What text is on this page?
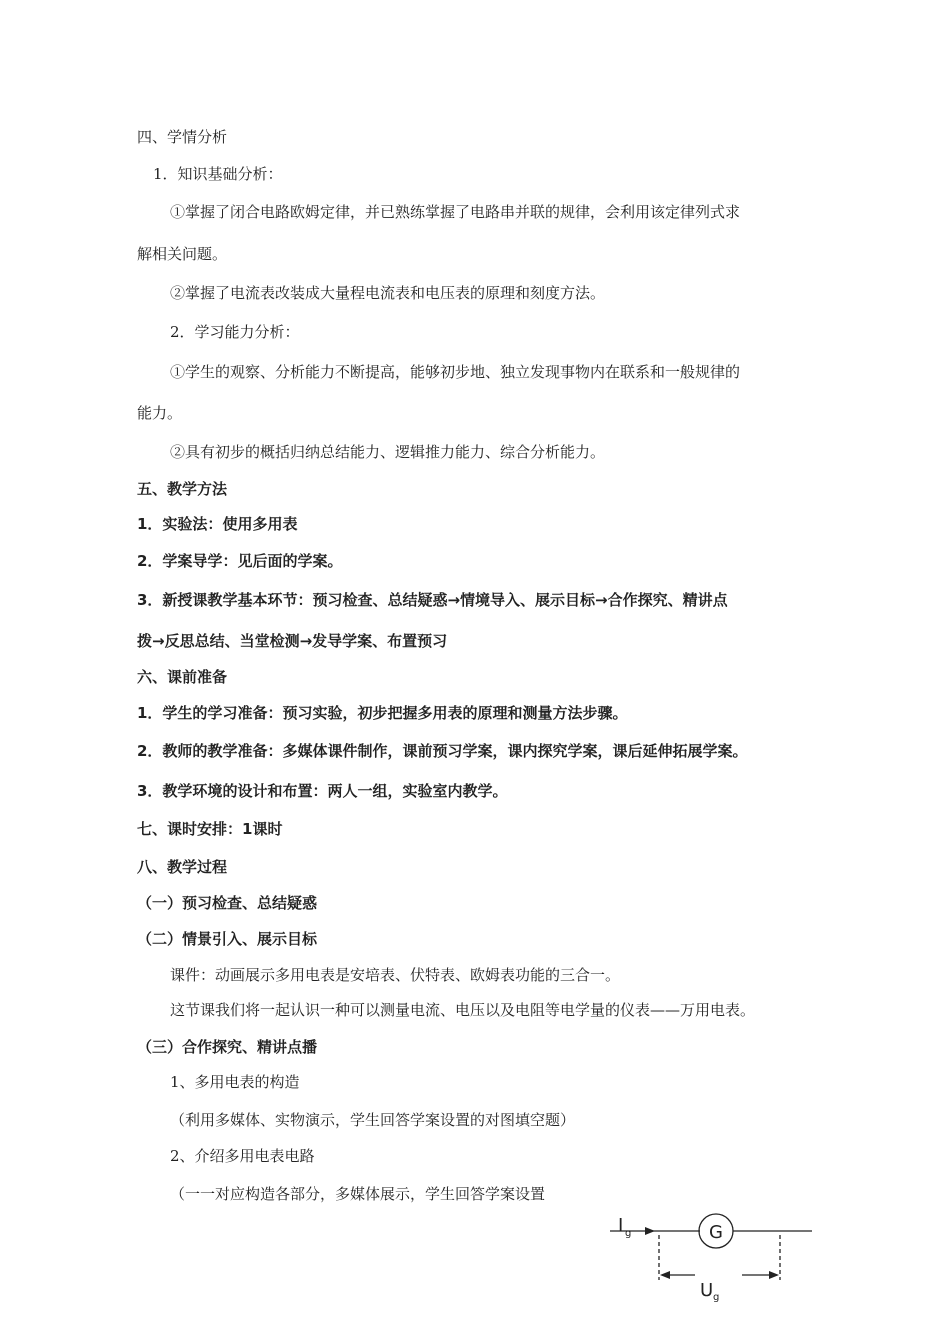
四、学情分析
1．知识基础分析：
①掌握了闭合电路欧姆定律，并已熟练掌握了电路串并联的规律，会利用该定律列式求
解相关问题。
②掌握了电流表改装成大量程电流表和电压表的原理和刻度方法。
2．学习能力分析：
①学生的观察、分析能力不断提高，能够初步地、独立发现事物内在联系和一般规律的
能力。
②具有初步的概括归纳总结能力、逻辑推力能力、综合分析能力。
五、教学方法
1．实验法：使用多用表
2．学案导学：见后面的学案。
3．新授课教学基本环节：预习检查、总结疑惑→情境导入、展示目标→合作探究、精讲点
拨→反思总结、当堂检测→发导学案、布置预习
六、课前准备
1．学生的学习准备：预习实验，初步把握多用表的原理和测量方法步骤。
2．教师的教学准备：多媒体课件制作，课前预习学案，课内探究学案，课后延伸拓展学案。
3．教学环境的设计和布置：两人一组，实验室内教学。
七、课时安排：1课时
八、教学过程
（一）预习检查、总结疑惑
（二）情景引入、展示目标
课件：动画展示多用电表是安培表、伏特表、欧姆表功能的三合一。
这节课我们将一起认识一种可以测量电流、电压以及电阻等电学量的仪表——万用电表。
（三）合作探究、精讲点播
1、多用电表的构造
（利用多媒体、实物演示，学生回答学案设置的对图填空题）
2、介绍多用电表电路
（一一对应构造各部分，多媒体展示，学生回答学案设置
G
I g
U g
